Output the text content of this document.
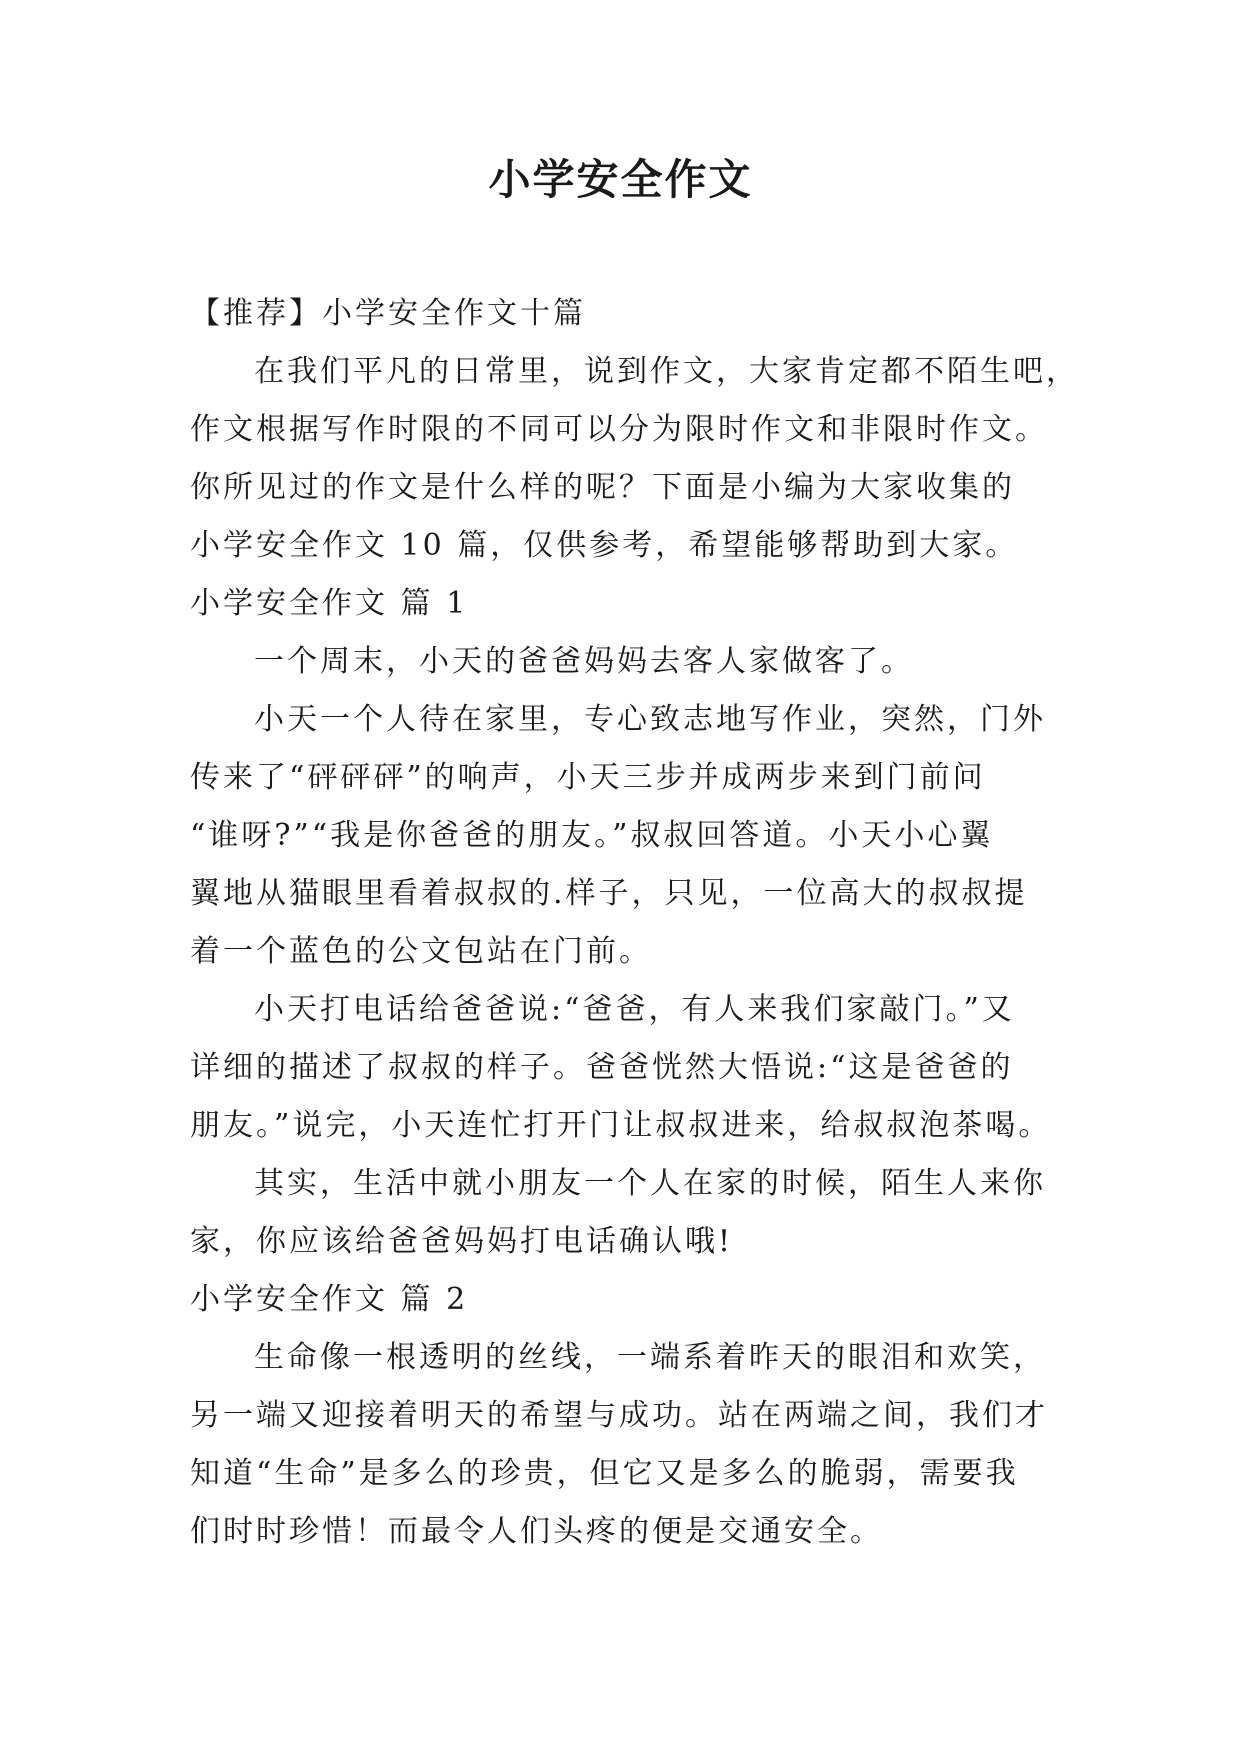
小学安全作文
【推荐】小学安全作文十篇
在我们平凡的日常里，说到作文，大家肯定都不陌生吧，
作文根据写作时限的不同可以分为限时作文和非限时作文。
你所见过的作文是什么样的呢？下面是小编为大家收集的
小学安全作文 10 篇，仅供参考，希望能够帮助到大家。
小学安全作文 篇 1
一个周末，小天的爸爸妈妈去客人家做客了。
小天一个人待在家里，专心致志地写作业，突然，门外
传来了“砰砰砰”的响声，小天三步并成两步来到门前问
“谁呀?”“我是你爸爸的朋友。”叔叔回答道。小天小心翼
翼地从猫眼里看着叔叔的.样子，只见，一位高大的叔叔提
着一个蓝色的公文包站在门前。
小天打电话给爸爸说:“爸爸，有人来我们家敲门。”又
详细的描述了叔叔的样子。爸爸恍然大悟说:“这是爸爸的
朋友。”说完，小天连忙打开门让叔叔进来，给叔叔泡茶喝。
其实，生活中就小朋友一个人在家的时候，陌生人来你
家，你应该给爸爸妈妈打电话确认哦!
小学安全作文 篇 2
生命像一根透明的丝线，一端系着昨天的眼泪和欢笑，
另一端又迎接着明天的希望与成功。站在两端之间，我们才
知道“生命”是多么的珍贵，但它又是多么的脆弱，需要我
们时时珍惜！而最令人们头疼的便是交通安全。
